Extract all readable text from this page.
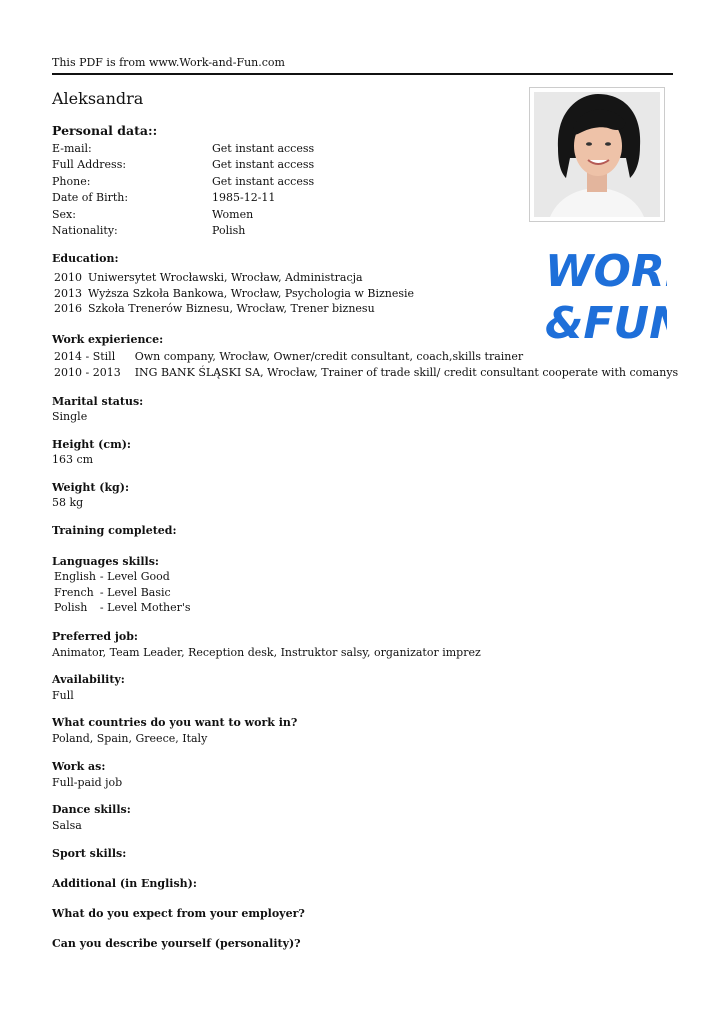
This PDF is from www.Work-and-Fun.com
Aleksandra
WOR
WOR
&FU
&FU
Personal data::
E-mail:	Get instant access
Full Address:	Get instant access
Phone:	Get instant access
Date of Birth:	1985-12-11
Sex:	Women
Nationality:	Polish
Education:
2010	Uniwersytet Wrocławski, Wrocław, Administracja
2013	Wyższa Szkoła Bankowa, Wrocław, Psychologia w Biznesie
2016	Szkoła Trenerów Biznesu, Wrocław, Trener biznesu
Work expierience:
2014 - Still	Own company, Wrocław, Owner/credit consultant, coach,skills trainer
2010 - 2013	ING BANK ŚLĄSKI SA, Wrocław, Trainer of trade skill/ credit consultant cooperate with comanys
Marital status:
Single
Height (cm):
163 cm
Weight (kg):
58 kg
Training completed:
Languages skills:
English	- Level Good
French	- Level Basic
Polish	- Level Mother's
Preferred job:
Animator, Team Leader, Reception desk, Instruktor salsy, organizator imprez
Availability:
Full
What countries do you want to work in?
Poland, Spain, Greece, Italy
Work as:
Full-paid job
Dance skills:
Salsa
Sport skills:
Additional (in English):
What do you expect from your employer?
Can you describe yourself (personality)?
